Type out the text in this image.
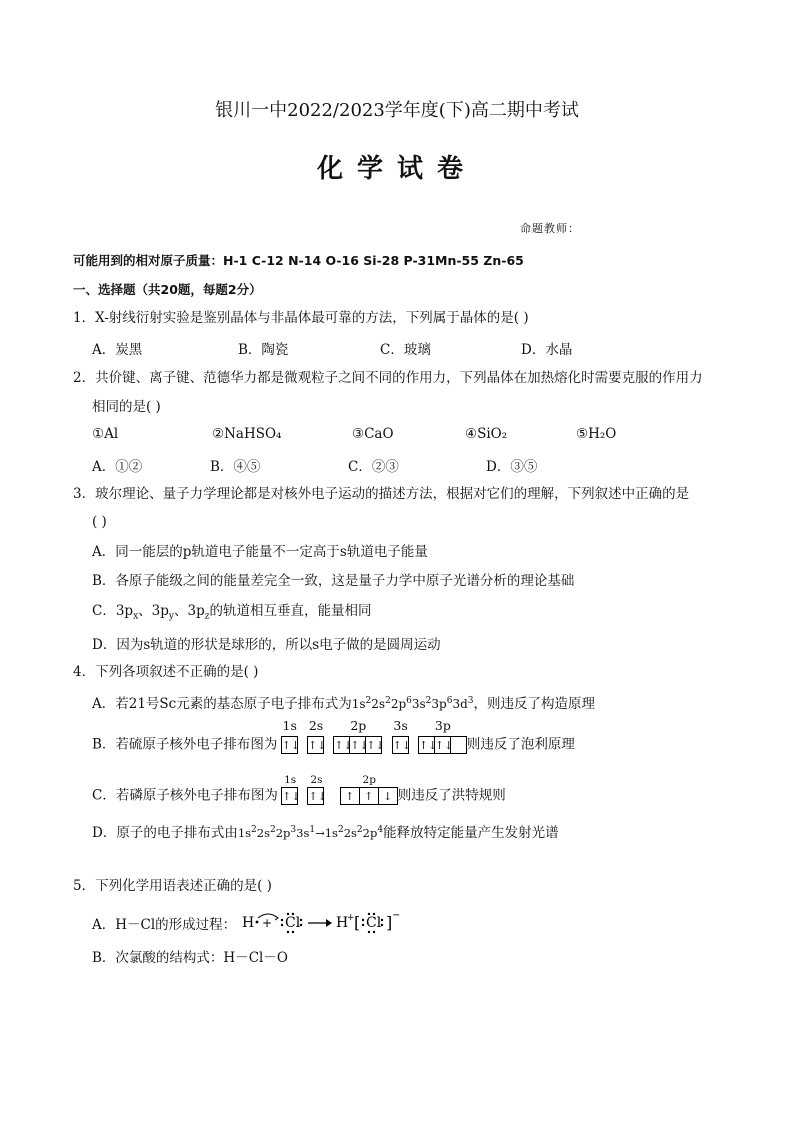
银川一中2022/2023学年度(下)高二期中考试
化学试卷
命题教师：
可能用到的相对原子质量：H-1 C-12 N-14 O-16 Si-28 P-31Mn-55 Zn-65
一、选择题（共20题，每题2分）
1．X-射线衍射实验是鉴别晶体与非晶体最可靠的方法，下列属于晶体的是( )
A．炭黑	B．陶瓷	C．玻璃	D．水晶
2．共价键、离子键、范德华力都是微观粒子之间不同的作用力，下列晶体在加热熔化时需要克服的作用力
相同的是( )
①Al	②NaHSO₄	③CaO	④SiO₂	⑤H₂O
A．①②	B．④⑤	C．②③	D．③⑤
3．玻尔理论、量子力学理论都是对核外电子运动的描述方法，根据对它们的理解，下列叙述中正确的是
( )
A．同一能层的p轨道电子能量不一定高于s轨道电子能量
B．各原子能级之间的能量差完全一致，这是量子力学中原子光谱分析的理论基础
C．$3p_x$、$3p_y$、$3p_z$的轨道相互垂直，能量相同
D．因为s轨道的形状是球形的，所以s电子做的是圆周运动
4．下列各项叙述不正确的是( )
A．若21号Sc元素的基态原子电子排布式为$1s^22s^22p^63s^23p^63d^3$，则违反了构造原理
B．若硫原子核外电子排布图为
1s
↑↓
2s
↑↓
2p
↑↓↑↓↑↓
3s
↑↓
3p
↑↓↑↓ 则违反了泡利原理
C．若磷原子核外电子排布图为
1s
↑↓
2s
↑↓
2p
↑ ↑ ↓ 则违反了洪特规则
D．原子的电子排布式由$1s^22s^22p^33s^1\to 1s^22s^22p^4$能释放特定能量产生发射光谱
5．下列化学用语表述正确的是( )
A．H－Cl的形成过程： H + Cl	H
+ [ Cl ] −
B．次氯酸的结构式：H－Cl－O
